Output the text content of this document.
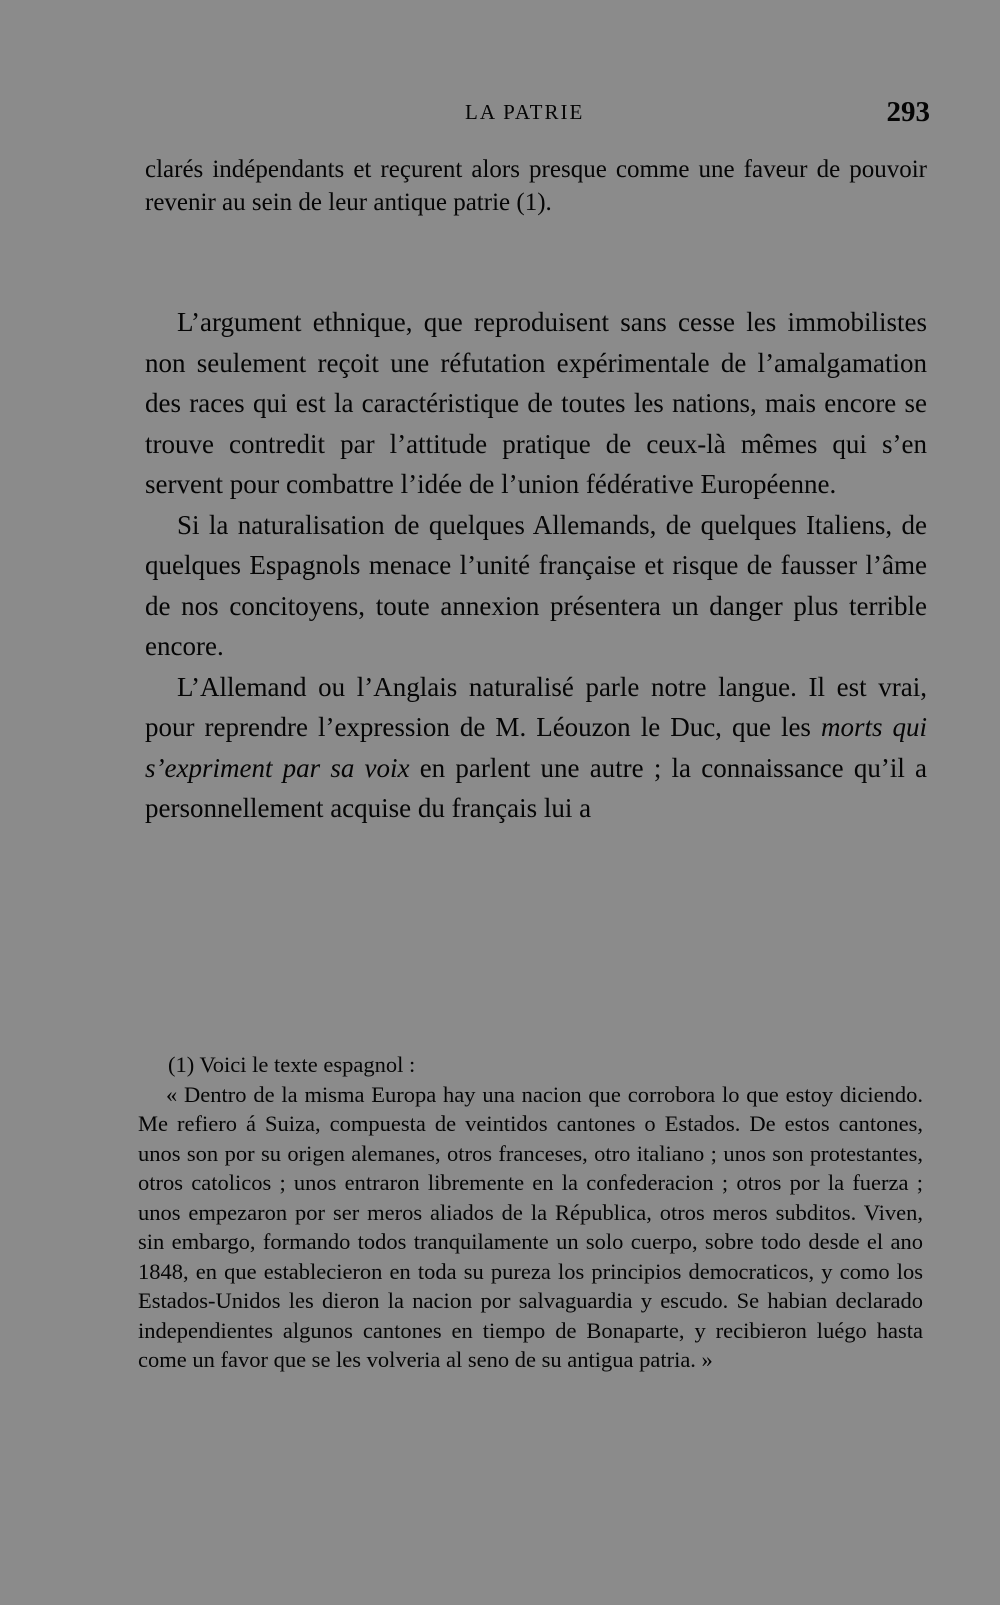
LA PATRIE	293

clarés indépendants et reçurent alors presque comme une faveur de pouvoir revenir au sein de leur antique patrie (1).

L’argument ethnique, que reproduisent sans cesse les immobilistes non seulement reçoit une réfutation expérimentale de l’amalgamation des races qui est la caractéristique de toutes les nations, mais encore se trouve contredit par l’attitude pratique de ceux-là mêmes qui s’en servent pour combattre l’idée de l’union fédérative Européenne.

Si la naturalisation de quelques Allemands, de quelques Italiens, de quelques Espagnols menace l’unité française et risque de fausser l’âme de nos concitoyens, toute annexion présentera un danger plus terrible encore.

L’Allemand ou l’Anglais naturalisé parle notre langue. Il est vrai, pour reprendre l’expression de M. Léouzon le Duc, que les morts qui s’expriment par sa voix en parlent une autre ; la connaissance qu’il a personnellement acquise du français lui a

(1) Voici le texte espagnol :

« Dentro de la misma Europa hay una nacion que corrobora lo que estoy diciendo. Me refiero á Suiza, compuesta de veintidos cantones o Estados. De estos cantones, unos son por su origen alemanes, otros franceses, otro italiano ; unos son protestantes, otros catolicos ; unos entraron libremente en la confederacion ; otros por la fuerza ; unos empezaron por ser meros aliados de la Républica, otros meros subditos. Viven, sin embargo, formando todos tranquilamente un solo cuerpo, sobre todo desde el ano 1848, en que establecieron en toda su pureza los principios democraticos, y como los Estados-Unidos les dieron la nacion por salvaguardia y escudo. Se habian declarado independientes algunos cantones en tiempo de Bonaparte, y recibieron luégo hasta come un favor que se les volveria al seno de su antigua patria. »
